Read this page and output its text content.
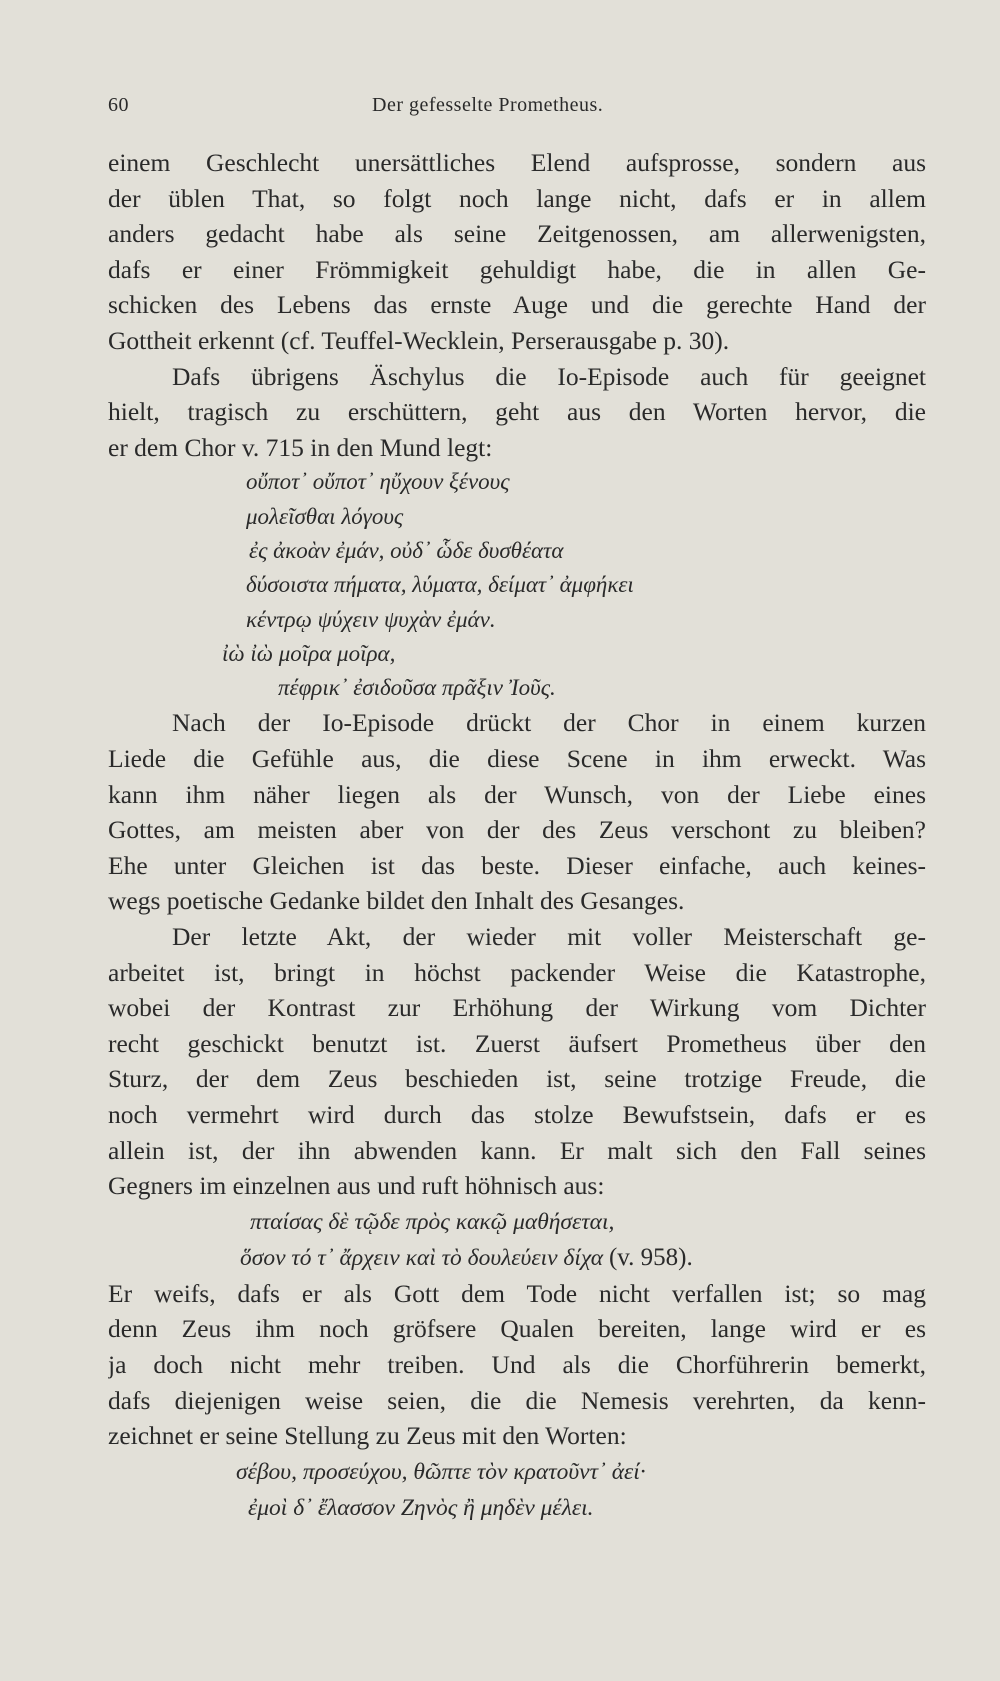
60	Der gefesselte Prometheus.
einem Geschlecht unersättliches Elend aufsprosse, sondern aus
der üblen That, so folgt noch lange nicht, dafs er in allem
anders gedacht habe als seine Zeitgenossen, am allerwenigsten,
dafs er einer Frömmigkeit gehuldigt habe, die in allen Ge-
schicken des Lebens das ernste Auge und die gerechte Hand der
Gottheit erkennt (cf. Teuffel-Wecklein, Perserausgabe p. 30).
Dafs übrigens Äschylus die Io-Episode auch für geeignet
hielt, tragisch zu erschüttern, geht aus den Worten hervor, die
er dem Chor v. 715 in den Mund legt:
οὔποτ᾽ οὔποτ᾽ ηὔχουν ξένους
μολεῖσθαι λόγους
ἐς ἀκοὰν ἐμάν, οὐδ᾽ ὧδε δυσθέατα
δύσοιστα πήματα, λύματα, δείματ᾽ ἀμφήκει
κέντρῳ ψύχειν ψυχὰν ἐμάν.
ἰὼ ἰὼ μοῖρα μοῖρα,
πέφρικ᾽ ἐσιδοῦσα πρᾶξιν Ἰοῦς.
Nach der Io-Episode drückt der Chor in einem kurzen
Liede die Gefühle aus, die diese Scene in ihm erweckt. Was
kann ihm näher liegen als der Wunsch, von der Liebe eines
Gottes, am meisten aber von der des Zeus verschont zu bleiben?
Ehe unter Gleichen ist das beste. Dieser einfache, auch keines-
wegs poetische Gedanke bildet den Inhalt des Gesanges.
Der letzte Akt, der wieder mit voller Meisterschaft ge-
arbeitet ist, bringt in höchst packender Weise die Katastrophe,
wobei der Kontrast zur Erhöhung der Wirkung vom Dichter
recht geschickt benutzt ist. Zuerst äufsert Prometheus über den
Sturz, der dem Zeus beschieden ist, seine trotzige Freude, die
noch vermehrt wird durch das stolze Bewufstsein, dafs er es
allein ist, der ihn abwenden kann. Er malt sich den Fall seines
Gegners im einzelnen aus und ruft höhnisch aus:
πταίσας δὲ τῷδε πρὸς κακῷ μαθήσεται,
ὅσον τό τ᾽ ἄρχειν καὶ τὸ δουλεύειν δίχα (v. 958).
Er weifs, dafs er als Gott dem Tode nicht verfallen ist; so mag
denn Zeus ihm noch gröfsere Qualen bereiten, lange wird er es
ja doch nicht mehr treiben. Und als die Chorführerin bemerkt,
dafs diejenigen weise seien, die die Nemesis verehrten, da kenn-
zeichnet er seine Stellung zu Zeus mit den Worten:
σέβου, προσεύχου, θῶπτε τὸν κρατοῦντ᾽ ἀεί·
ἐμοὶ δ᾽ ἔλασσον Ζηνὸς ἢ μηδὲν μέλει.
